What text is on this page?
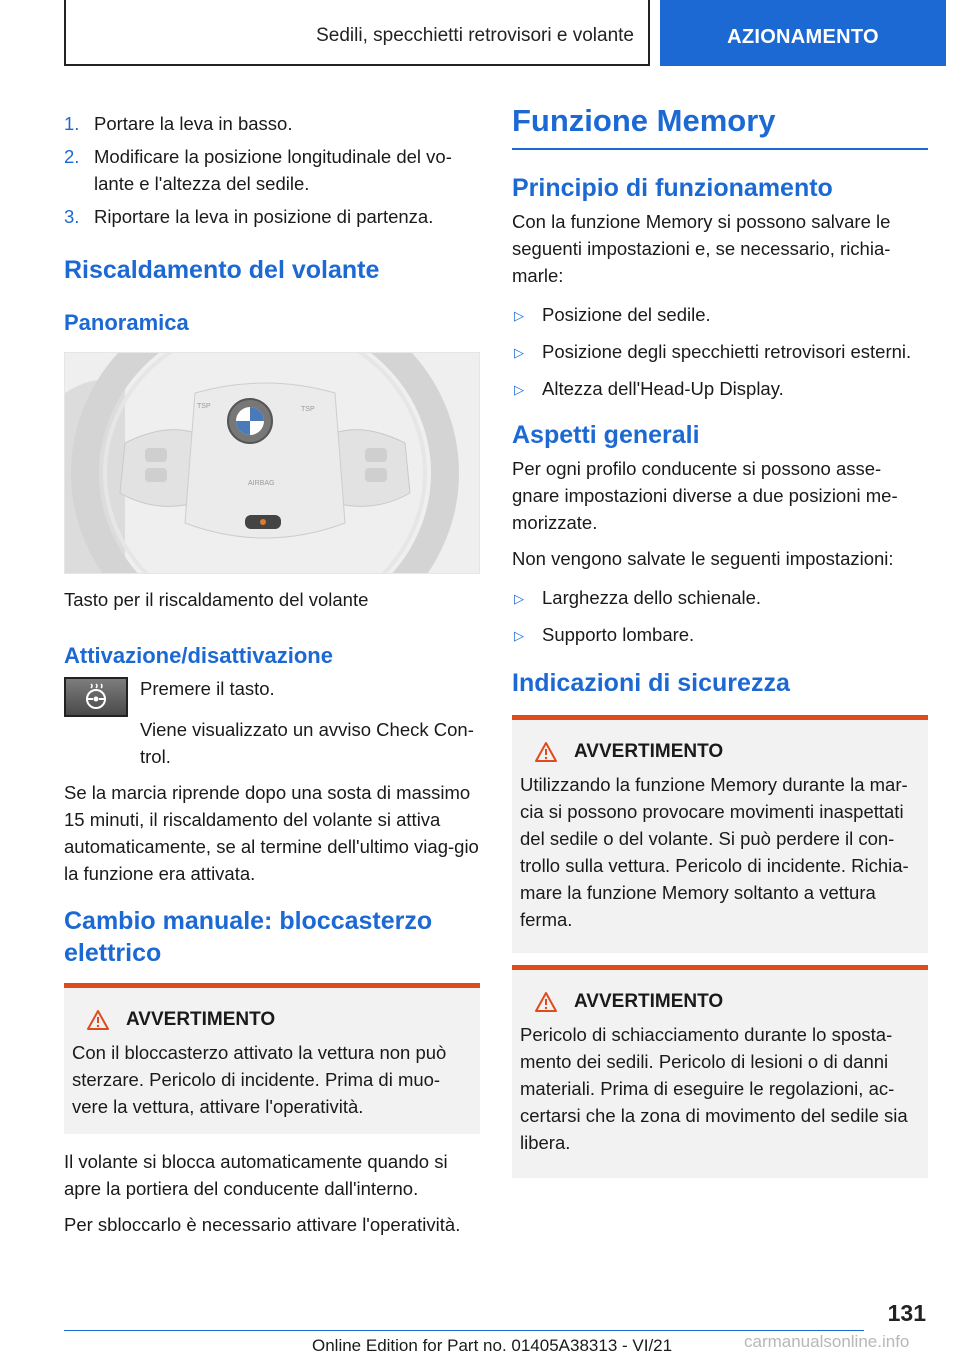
Sedili, specchietti retrovisori e volante	AZIONAMENTO
1. Portare la leva in basso.
2. Modificare la posizione longitudinale del vo-lante e l'altezza del sedile.
3. Riportare la leva in posizione di partenza.
Riscaldamento del volante
Panoramica
TSP	TSP
AIRBAG
Tasto per il riscaldamento del volante
Attivazione/disattivazione
Premere il tasto.
Viene visualizzato un avviso Check Con-trol.
Se la marcia riprende dopo una sosta di massimo 15 minuti, il riscaldamento del volante si attiva automaticamente, se al termine dell'ultimo viag-gio la funzione era attivata.
Cambio manuale: bloccasterzo elettrico
AVVERTIMENTO
Con il bloccasterzo attivato la vettura non può sterzare. Pericolo di incidente. Prima di muo-vere la vettura, attivare l'operatività.
Il volante si blocca automaticamente quando si apre la portiera del conducente dall'interno.
Per sbloccarlo è necessario attivare l'operatività.
Funzione Memory
Principio di funzionamento
Con la funzione Memory si possono salvare le seguenti impostazioni e, se necessario, richia-marle:
▷ Posizione del sedile.
▷ Posizione degli specchietti retrovisori esterni.
▷ Altezza dell'Head-Up Display.
Aspetti generali
Per ogni profilo conducente si possono asse-gnare impostazioni diverse a due posizioni me-morizzate.
Non vengono salvate le seguenti impostazioni:
▷ Larghezza dello schienale.
▷ Supporto lombare.
Indicazioni di sicurezza
AVVERTIMENTO
Utilizzando la funzione Memory durante la mar-cia si possono provocare movimenti inaspettati del sedile o del volante. Si può perdere il con-trollo sulla vettura. Pericolo di incidente. Richia-mare la funzione Memory soltanto a vettura ferma.
AVVERTIMENTO
Pericolo di schiacciamento durante lo sposta-mento dei sedili. Pericolo di lesioni o di danni materiali. Prima di eseguire le regolazioni, ac-certarsi che la zona di movimento del sedile sia libera.
131
Online Edition for Part no. 01405A38313 - VI/21	carmanualsonline.info
